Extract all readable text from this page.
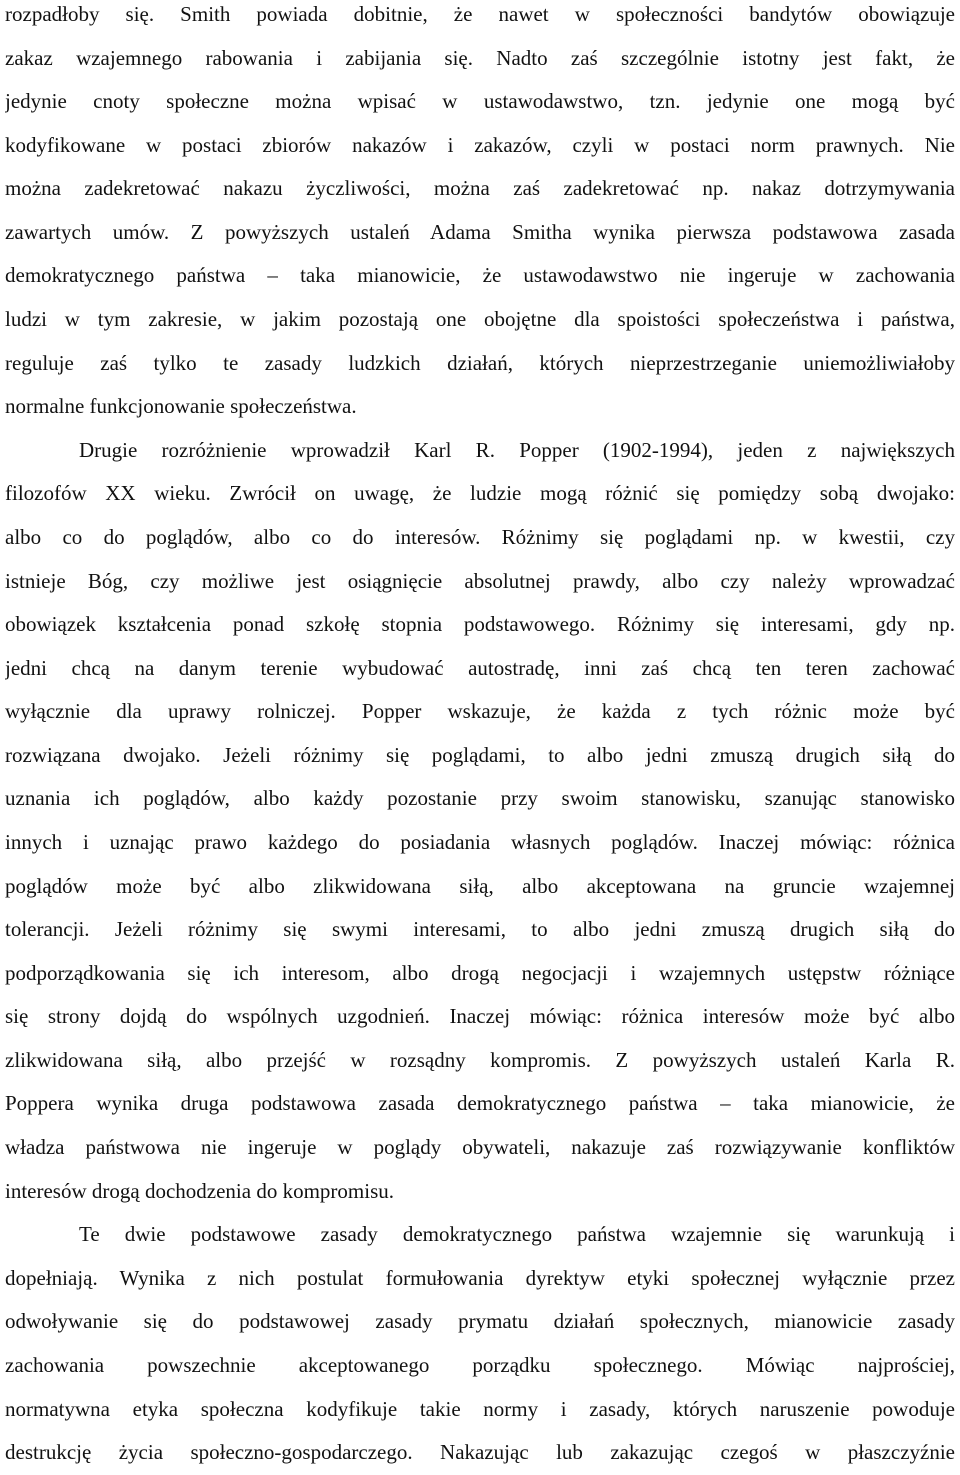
rozpadłoby się. Smith powiada dobitnie, że nawet w społeczności bandytów obowiązuje
zakaz wzajemnego rabowania i zabijania się. Nadto zaś szczególnie istotny jest fakt, że
jedynie cnoty społeczne można wpisać w ustawodawstwo, tzn. jedynie one mogą być
kodyfikowane w postaci zbiorów nakazów i zakazów, czyli w postaci norm prawnych. Nie
można zadekretować nakazu życzliwości, można zaś zadekretować np. nakaz dotrzymywania
zawartych umów. Z powyższych ustaleń Adama Smitha wynika pierwsza podstawowa zasada
demokratycznego państwa – taka mianowicie, że ustawodawstwo nie ingeruje w zachowania
ludzi w tym zakresie, w jakim pozostają one obojętne dla spoistości społeczeństwa i państwa,
reguluje zaś tylko te zasady ludzkich działań, których nieprzestrzeganie uniemożliwiałoby
normalne funkcjonowanie społeczeństwa.
Drugie rozróżnienie wprowadził Karl R. Popper (1902-1994), jeden z największych
filozofów XX wieku. Zwrócił on uwagę, że ludzie mogą różnić się pomiędzy sobą dwojako:
albo co do poglądów, albo co do interesów. Różnimy się poglądami np. w kwestii, czy
istnieje Bóg, czy możliwe jest osiągnięcie absolutnej prawdy, albo czy należy wprowadzać
obowiązek kształcenia ponad szkołę stopnia podstawowego. Różnimy się interesami, gdy np.
jedni chcą na danym terenie wybudować autostradę, inni zaś chcą ten teren zachować
wyłącznie dla uprawy rolniczej. Popper wskazuje, że każda z tych różnic może być
rozwiązana dwojako. Jeżeli różnimy się poglądami, to albo jedni zmuszą drugich siłą do
uznania ich poglądów, albo każdy pozostanie przy swoim stanowisku, szanując stanowisko
innych i uznając prawo każdego do posiadania własnych poglądów. Inaczej mówiąc: różnica
poglądów może być albo zlikwidowana siłą, albo akceptowana na gruncie wzajemnej
tolerancji. Jeżeli różnimy się swymi interesami, to albo jedni zmuszą drugich siłą do
podporządkowania się ich interesom, albo drogą negocjacji i wzajemnych ustępstw różniące
się strony dojdą do wspólnych uzgodnień. Inaczej mówiąc: różnica interesów może być albo
zlikwidowana siłą, albo przejść w rozsądny kompromis. Z powyższych ustaleń Karla R.
Poppera wynika druga podstawowa zasada demokratycznego państwa – taka mianowicie, że
władza państwowa nie ingeruje w poglądy obywateli, nakazuje zaś rozwiązywanie konfliktów
interesów drogą dochodzenia do kompromisu.
Te dwie podstawowe zasady demokratycznego państwa wzajemnie się warunkują i
dopełniają. Wynika z nich postulat formułowania dyrektyw etyki społecznej wyłącznie przez
odwoływanie się do podstawowej zasady prymatu działań społecznych, mianowicie zasady
zachowania powszechnie akceptowanego porządku społecznego. Mówiąc najprościej,
normatywna etyka społeczna kodyfikuje takie normy i zasady, których naruszenie powoduje
destrukcję życia społeczno-gospodarczego. Nakazując lub zakazując czegoś w płaszczyźnie
